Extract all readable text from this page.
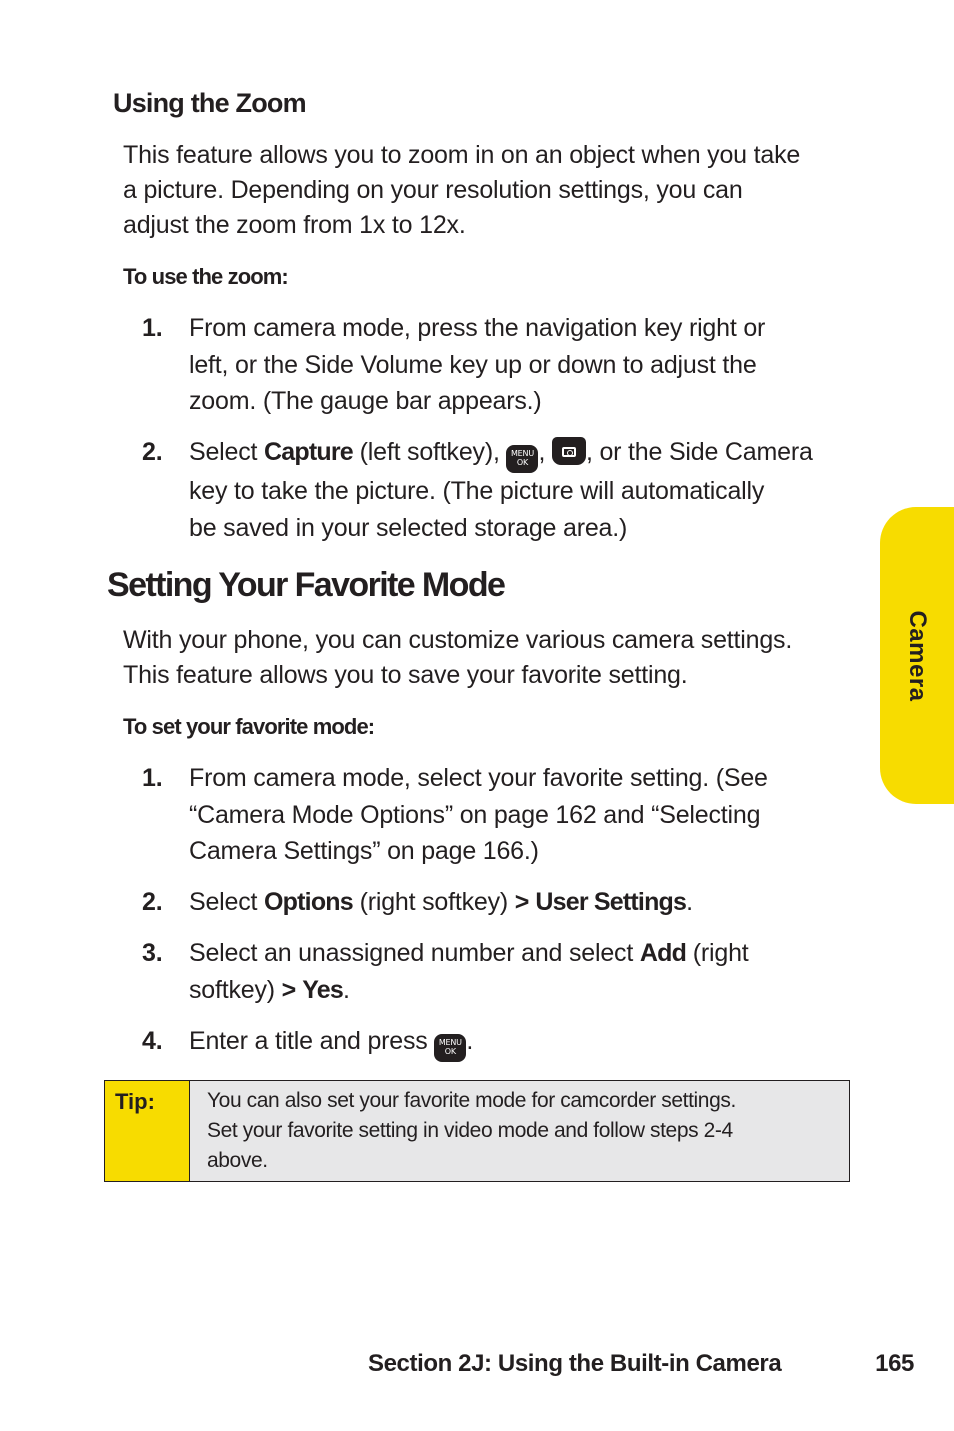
Using the Zoom
This feature allows you to zoom in on an object when you take
a picture. Depending on your resolution settings, you can
adjust the zoom from 1x to 12x.
To use the zoom:
1. From camera mode, press the navigation key right or
left, or the Side Volume key up or down to adjust the
zoom. (The gauge bar appears.)
2. Select Capture (left softkey), MENU
OK , , or the Side Camera
key to take the picture. (The picture will automatically
be saved in your selected storage area.)
Setting Your Favorite Mode
With your phone, you can customize various camera settings.
This feature allows you to save your favorite setting.
To set your favorite mode:
1. From camera mode, select your favorite setting. (See
“Camera Mode Options” on page 162 and “Selecting
Camera Settings” on page 166.)
2. Select Options (right softkey) > User Settings.
3. Select an unassigned number and select Add (right
softkey) > Yes.
4. Enter a title and press MENU
OK .
Tip:	You can also set your favorite mode for camcorder settings.
Set your favorite setting in video mode and follow steps 2-4
above.
Camera
Section 2J: Using the Built-in Camera	165
